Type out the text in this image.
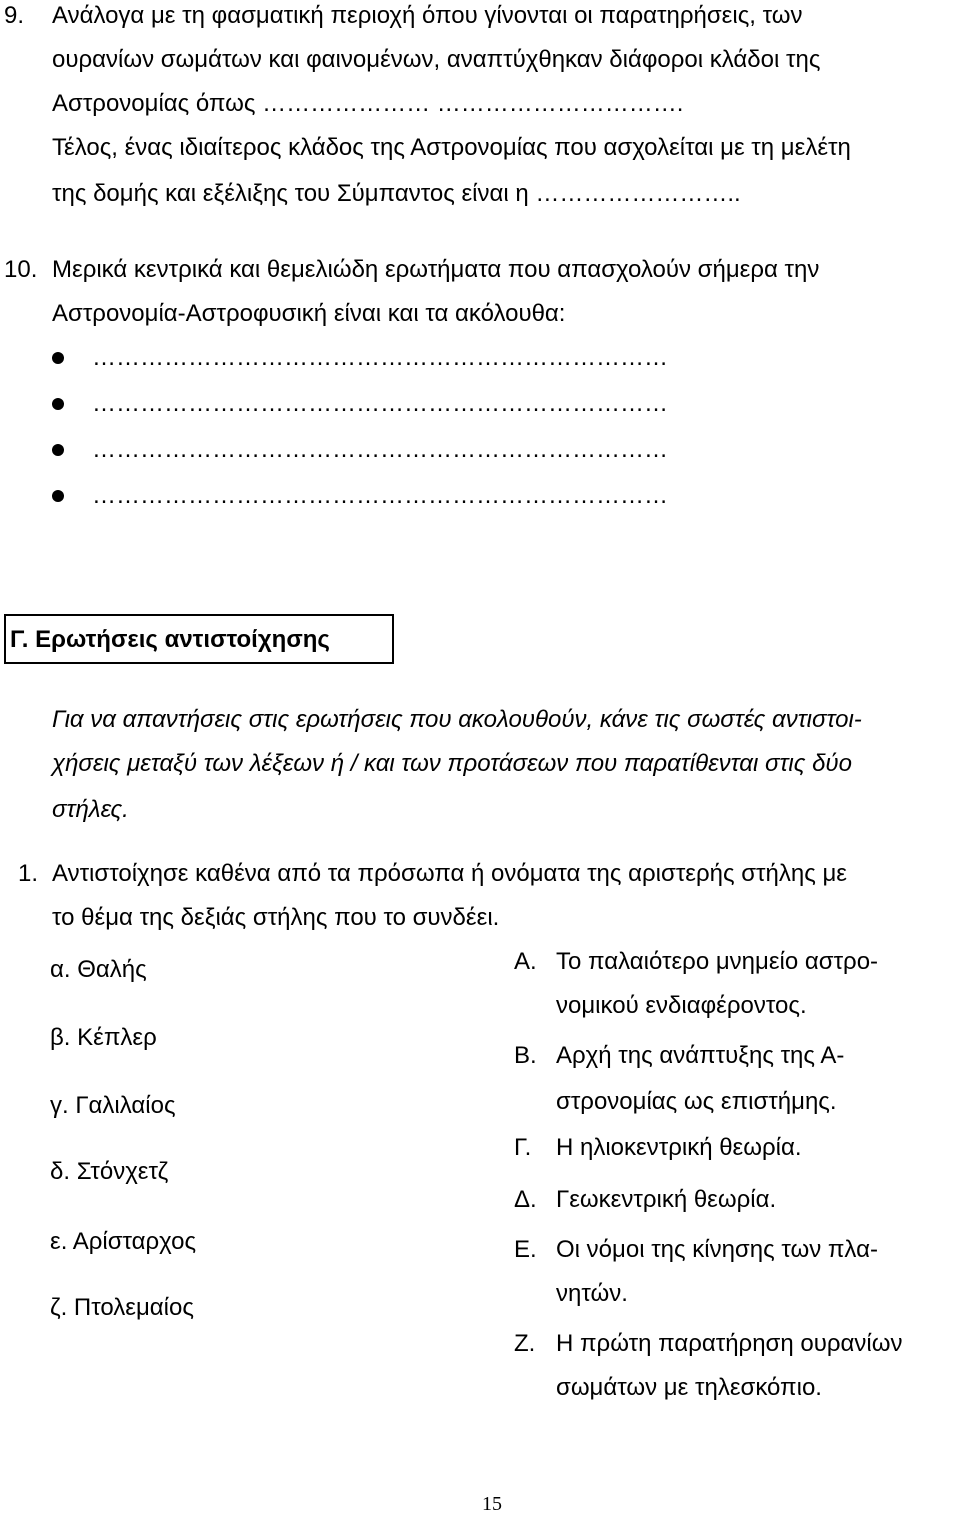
9. Ανάλογα με τη φασματική περιοχή όπου γίνονται οι παρατηρήσεις, των
ουρανίων σωμάτων και φαινομένων, αναπτύχθηκαν διάφοροι κλάδοι της
Αστρονομίας όπως ………………… ………………………….
Τέλος, ένας ιδιαίτερος κλάδος της Αστρονομίας που ασχολείται με τη μελέτη
της δομής και εξέλιξης του Σύμπαντος είναι η ……………………..
10. Μερικά κεντρικά και θεμελιώδη ερωτήματα που απασχολούν σήμερα την
Αστρονομία-Αστροφυσική είναι και τα ακόλουθα:
………………………………………………………………
………………………………………………………………
………………………………………………………………
………………………………………………………………
Γ. Ερωτήσεις αντιστοίχησης
Για να απαντήσεις στις ερωτήσεις που ακολουθούν, κάνε τις σωστές αντιστοι-
χήσεις μεταξύ των λέξεων ή / και των προτάσεων που παρατίθενται στις δύο
στήλες.
1. Αντιστοίχησε καθένα από τα πρόσωπα ή ονόματα της αριστερής στήλης με
το θέμα της δεξιάς στήλης που το συνδέει.
α. Θαλής
β. Κέπλερ
γ. Γαλιλαίος
δ. Στόνχετζ
ε. Αρίσταρχος
ζ. Πτολεμαίος
Α. Το παλαιότερο μνημείο αστρο-
νομικού ενδιαφέροντος.
Β. Αρχή της ανάπτυξης της Α-
στρονομίας ως επιστήμης.
Γ. Η ηλιοκεντρική θεωρία.
Δ. Γεωκεντρική θεωρία.
Ε. Οι νόμοι της κίνησης των πλα-
νητών.
Ζ. Η πρώτη παρατήρηση ουρανίων
σωμάτων με τηλεσκόπιο.
15
